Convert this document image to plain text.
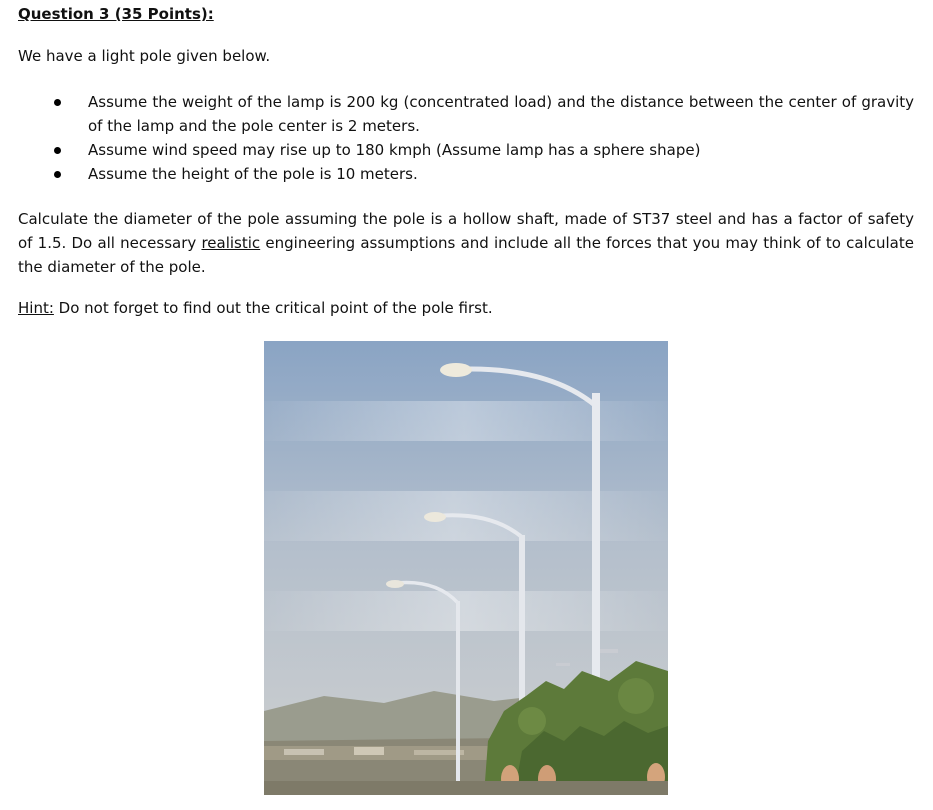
Question 3 (35 Points):
We have a light pole given below.
Assume the weight of the lamp is 200 kg (concentrated load) and the distance between the center of gravity of the lamp and the pole center is 2 meters.
Assume wind speed may rise up to 180 kmph (Assume lamp has a sphere shape)
Assume the height of the pole is 10 meters.

Calculate the diameter of the pole assuming the pole is a hollow shaft, made of ST37 steel and has a factor of safety of 1.5. Do all necessary realistic engineering assumptions and include all the forces that you may think of to calculate the diameter of the pole.

Hint: Do not forget to find out the critical point of the pole first.
